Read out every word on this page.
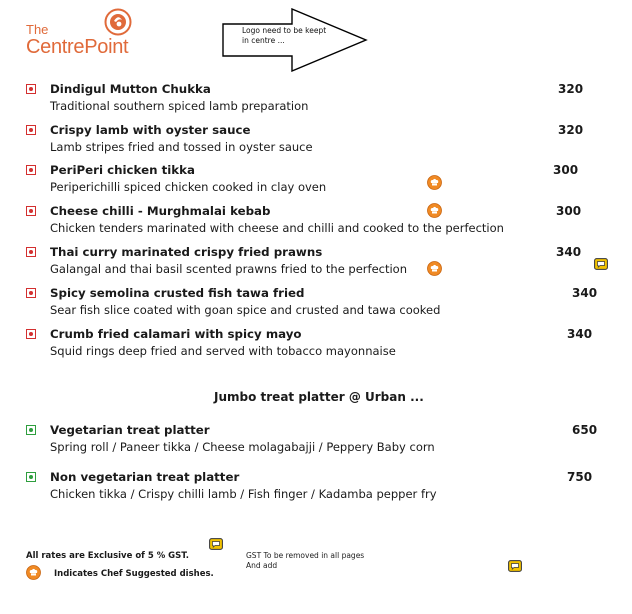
The
CentrePoint
Logo need to be keept
in centre ...
Dindigul Mutton Chukka
Traditional southern spiced lamb preparation
320
Crispy lamb with oyster sauce
Lamb stripes fried and tossed in oyster sauce
320
PeriPeri chicken tikka
Periperichilli spiced chicken cooked in clay oven
300
Cheese chilli - Murghmalai kebab
Chicken tenders marinated with cheese and chilli and cooked to the perfection
300
Thai curry marinated crispy fried prawns
Galangal and thai basil scented prawns fried to the perfection
340
Spicy semolina crusted fish tawa fried
Sear fish slice coated with goan spice and crusted and tawa cooked
340
Crumb fried calamari with spicy mayo
Squid rings deep fried and served with tobacco mayonnaise
340
Jumbo treat platter @ Urban ...
Vegetarian treat platter
Spring roll / Paneer tikka / Cheese molagabajji / Peppery Baby corn
650
Non vegetarian treat platter
Chicken tikka / Crispy chilli lamb / Fish finger / Kadamba pepper fry
750
All rates are Exclusive of 5 % GST.
Indicates Chef Suggested dishes.
GST To be removed in all pages
And add
